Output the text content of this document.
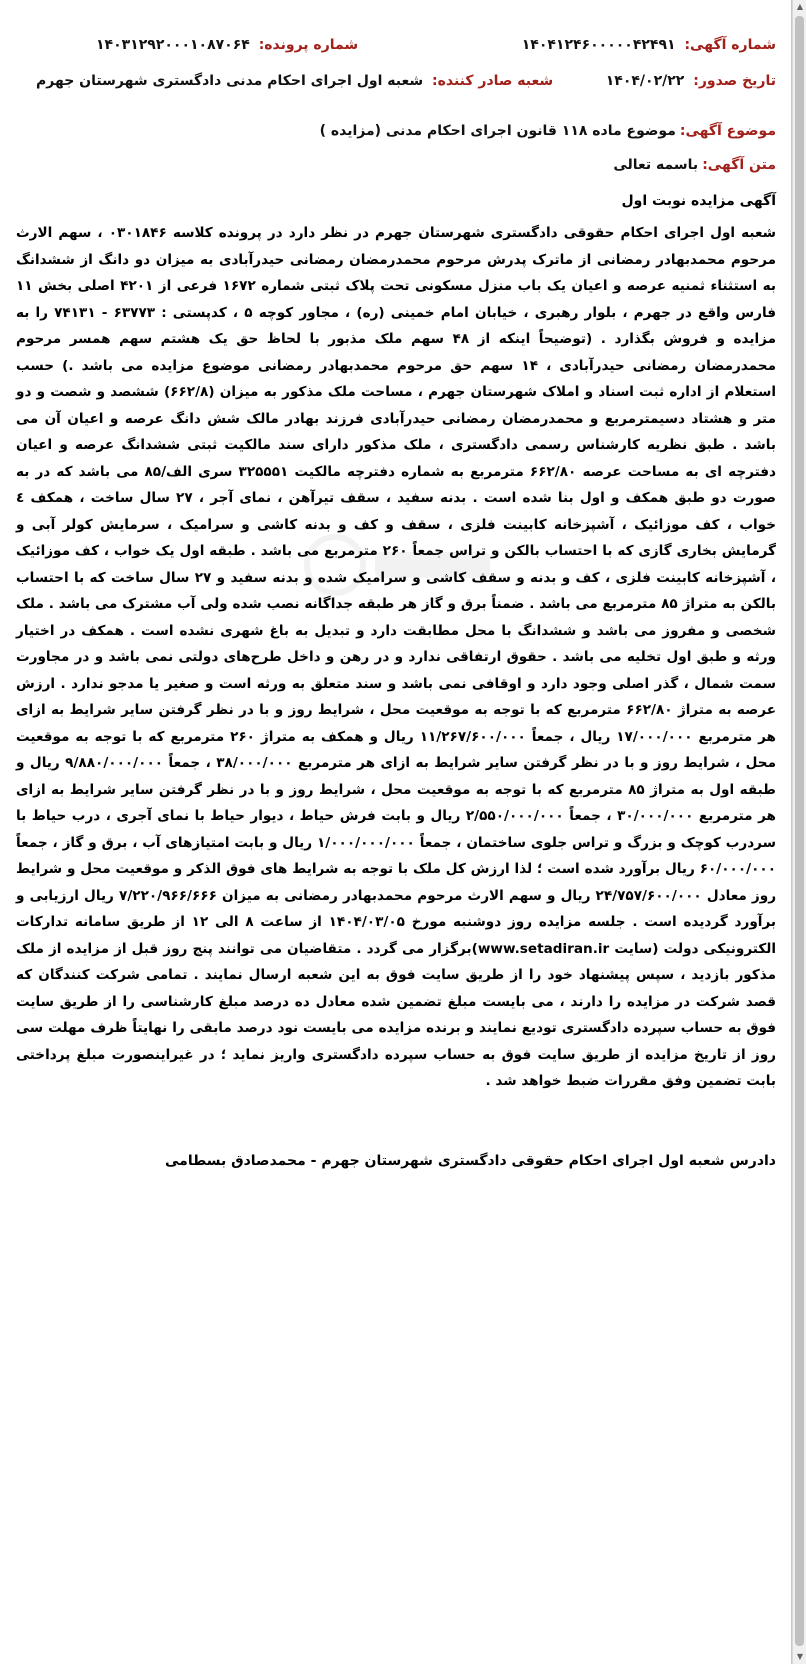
شماره آگهی: ۱۴۰۴۱۲۴۶۰۰۰۰۰۴۲۴۹۱
شماره پرونده: ۱۴۰۳۱۲۹۲۰۰۰۱۰۸۷۰۶۴
تاریخ صدور: ۱۴۰۴/۰۲/۲۲
شعبه صادر کننده: شعبه اول اجرای احکام مدنی دادگستری شهرستان جهرم
موضوع آگهی:
موضوع ماده ۱۱۸ قانون اجرای احکام مدنی (مزایده )
متن آگهی:
باسمه تعالی
آگهی مزایده نوبت اول
شعبه اول اجرای احکام حقوقی دادگستری شهرستان جهرم در نظر دارد در پرونده کلاسه ۰۳۰۱۸۴۶ ، سهم الارث مرحوم محمدبهادر رمضانی از ماترک پدرش مرحوم محمدرمضان رمضانی حیدرآبادی به میزان دو دانگ از ششدانگ به استثناء ثمنیه عرصه و اعیان یک باب منزل مسکونی تحت پلاک ثبتی شماره ۱۶۷۲ فرعی از ۴۲۰۱ اصلی بخش ۱۱ فارس واقع در جهرم ، بلوار رهبری ، خیابان امام خمینی (ره) ، مجاور کوچه ۵ ، کدپستی : ۶۳۷۷۳ - ۷۴۱۳۱ را به مزایده و فروش بگذارد . (توضیحاً اینکه از ۴۸ سهم ملک مذبور با لحاظ حق یک هشتم سهم همسر مرحوم محمدرمضان رمضانی حیدرآبادی ، ۱۴ سهم حق مرحوم محمدبهادر رمضانی موضوع مزایده می باشد .) حسب استعلام از اداره ثبت اسناد و املاک شهرستان جهرم ، مساحت ملک مذکور به میزان (۶۶۲/۸) ششصد و شصت و دو متر و هشتاد دسیمترمربع و محمدرمضان رمضانی حیدرآبادی فرزند بهادر مالک شش دانگ عرصه و اعیان آن می باشد . طبق نظریه کارشناس رسمی دادگستری ، ملک مذکور دارای سند مالکیت ثبتی ششدانگ عرصه و اعیان دفترچه ای به مساحت عرصه ۶۶۲/۸۰ مترمربع به شماره دفترچه مالکیت ۳۲۵۵۵۱ سری الف/۸۵ می باشد که در به صورت دو طبق همکف و اول بنا شده است . بدنه سفید ، سقف تیرآهن ، نمای آجر ، ۲۷ سال ساخت ، همکف ٤ خواب ، کف موزائیک ، آشپزخانه کابینت فلزی ، سقف و کف و بدنه کاشی و سرامیک ، سرمایش کولر آبی و گرمایش بخاری گازی که با احتساب بالکن و تراس جمعاً ۲۶۰ مترمربع می باشد . طبقه اول یک خواب ، کف موزائیک ، آشپزخانه کابینت فلزی ، کف و بدنه و سقف کاشی و سرامیک شده و بدنه سفید و ۲۷ سال ساخت که با احتساب بالکن به متراژ ۸۵ مترمربع می باشد . ضمناً برق و گاز هر طبقه جداگانه نصب شده ولی آب مشترک می باشد . ملک شخصی و مفروز می باشد و ششدانگ با محل مطابقت دارد و تبدیل به باغ شهری نشده است . همکف در اختیار ورثه و طبق اول تخلیه می باشد . حقوق ارتفاقی ندارد و در رهن و داخل طرح‌های دولتی نمی باشد و در مجاورت سمت شمال ، گذر اصلی وجود دارد و اوقافی نمی باشد و سند متعلق به ورثه است و صغیر یا مدجو ندارد . ارزش عرصه به متراژ ۶۶۲/۸۰ مترمربع که با توجه به موقعیت محل ، شرایط روز و با در نظر گرفتن سایر شرایط به ازای هر مترمربع ۱۷/۰۰۰/۰۰۰ ریال ، جمعاً ۱۱/۲۶۷/۶۰۰/۰۰۰ ریال و همکف به متراژ ۲۶۰ مترمربع که با توجه به موقعیت محل ، شرایط روز و با در نظر گرفتن سایر شرایط به ازای هر مترمربع ۳۸/۰۰۰/۰۰۰ ، جمعاً ۹/۸۸۰/۰۰۰/۰۰۰ ریال و طبقه اول به متراژ ۸۵ مترمربع که با توجه به موقعیت محل ، شرایط روز و با در نظر گرفتن سایر شرایط به ازای هر مترمربع ۳۰/۰۰۰/۰۰۰ ، جمعاً ۲/۵۵۰/۰۰۰/۰۰۰ ریال و بابت فرش حیاط ، دیوار حیاط با نمای آجری ، درب حیاط با سردرب کوچک و بزرگ و تراس جلوی ساختمان ، جمعاً ۱/۰۰۰/۰۰۰/۰۰۰ ریال و بابت امتیازهای آب ، برق و گاز ، جمعاً ۶۰/۰۰۰/۰۰۰ ریال برآورد شده است ؛ لذا ارزش کل ملک با توجه به شرایط های فوق الذکر و موقعیت محل و شرایط روز معادل ۲۴/۷۵۷/۶۰۰/۰۰۰ ریال و سهم الارث مرحوم محمدبهادر رمضانی به میزان ۷/۲۲۰/۹۶۶/۶۶۶ ریال ارزیابی و برآورد گردیده است . جلسه مزایده روز دوشنبه مورخ ۱۴۰۴/۰۳/۰۵ از ساعت ۸ الی ۱۲ از طریق سامانه تدارکات الکترونیکی دولت (سایت www.setadiran.ir)برگزار می گردد . متقاضیان می توانند پنج روز قبل از مزایده از ملک مذکور بازدید ، سپس پیشنهاد خود را از طریق سایت فوق به این شعبه ارسال نمایند . تمامی شرکت کنندگان که قصد شرکت در مزایده را دارند ، می بایست مبلغ تضمین شده معادل ده درصد مبلغ کارشناسی را از طریق سایت فوق به حساب سپرده دادگستری تودیع نمایند و برنده مزایده می بایست نود درصد مابقی را نهایتاً ظرف مهلت سی روز از تاریخ مزایده از طریق سایت فوق به حساب سپرده دادگستری واریز نماید ؛ در غیراینصورت مبلغ پرداختی بابت تضمین وفق مقررات ضبط خواهد شد .
دادرس شعبه اول اجرای احکام حقوقی دادگستری شهرستان جهرم - محمدصادق بسطامی
▲
▼
